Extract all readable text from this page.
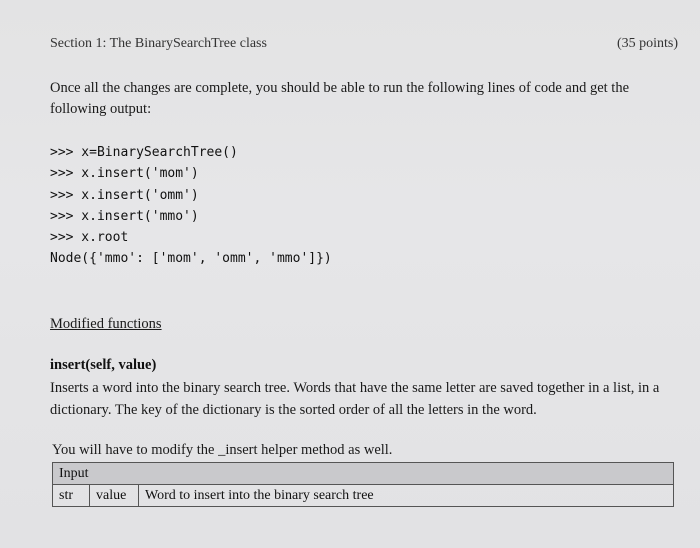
Section 1: The BinarySearchTree class	(35 points)
Once all the changes are complete, you should be able to run the following lines of code and get the following output:
>>> x=BinarySearchTree()
>>> x.insert('mom')
>>> x.insert('omm')
>>> x.insert('mmo')
>>> x.root
Node({'mmo': ['mom', 'omm', 'mmo']})
Modified functions
insert(self, value)
Inserts a word into the binary search tree. Words that have the same letter are saved together in a list, in a dictionary. The key of the dictionary is the sorted order of all the letters in the word.
You will have to modify the _insert helper method as well.
Input
str	value	Word to insert into the binary search tree
